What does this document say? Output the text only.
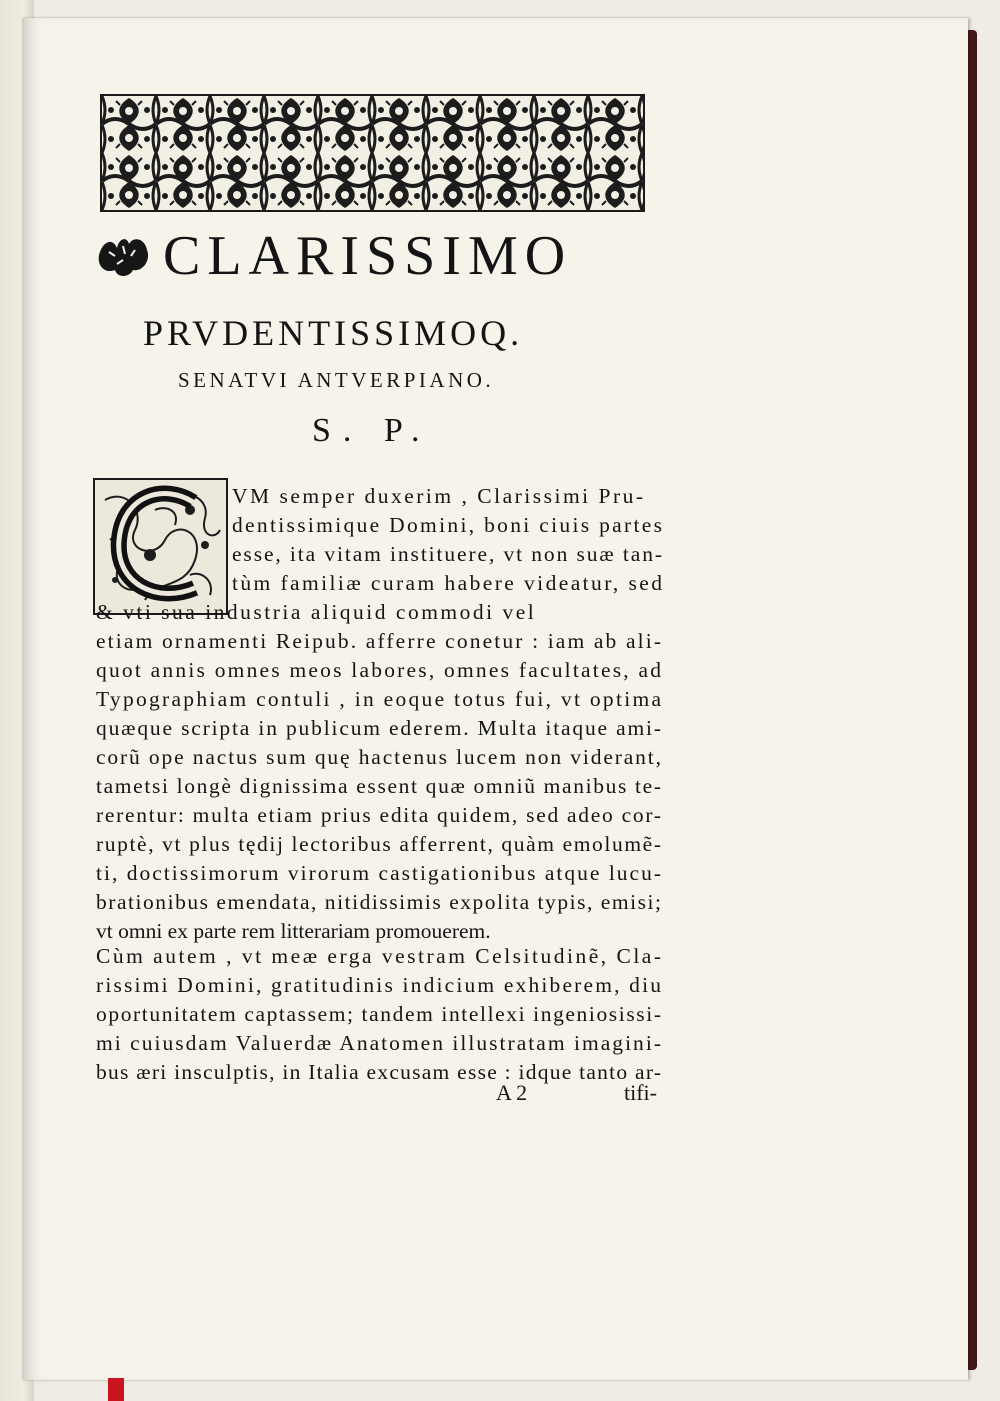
CLARISSIMO
PRVDENTISSIMOQ.
SENATVI ANTVERPIANO.
S. P.
VM semper duxerim , Clarissimi Pru-
dentissimique Domini, boni ciuis partes
esse, ita vitam instituere, vt non suæ tan-
tùm familiæ curam habere videatur, sed
& vti sua industria aliquid commodi vel
etiam ornamenti Reipub. afferre conetur : iam ab ali-
quot annis omnes meos labores, omnes facultates, ad
Typographiam contuli , in eoque totus fui, vt optima
quæque scripta in publicum ederem. Multa itaque ami-
corũ ope nactus sum quę hactenus lucem non viderant,
tametsi longè dignissima essent quæ omniũ manibus te-
rerentur: multa etiam prius edita quidem, sed adeo cor-
ruptè, vt plus tędij lectoribus afferrent, quàm emolumẽ-
ti, doctissimorum virorum castigationibus atque lucu-
brationibus emendata, nitidissimis expolita typis, emisi;
vt omni ex parte rem litterariam promouerem.
Cùm autem , vt meæ erga vestram Celsitudinẽ, Cla-
rissimi Domini, gratitudinis indicium exhiberem, diu
oportunitatem captassem; tandem intellexi ingeniosissi-
mi cuiusdam Valuerdæ Anatomen illustratam imagini-
bus æri insculptis, in Italia excusam esse : idque tanto ar-
A 2	tifi-
